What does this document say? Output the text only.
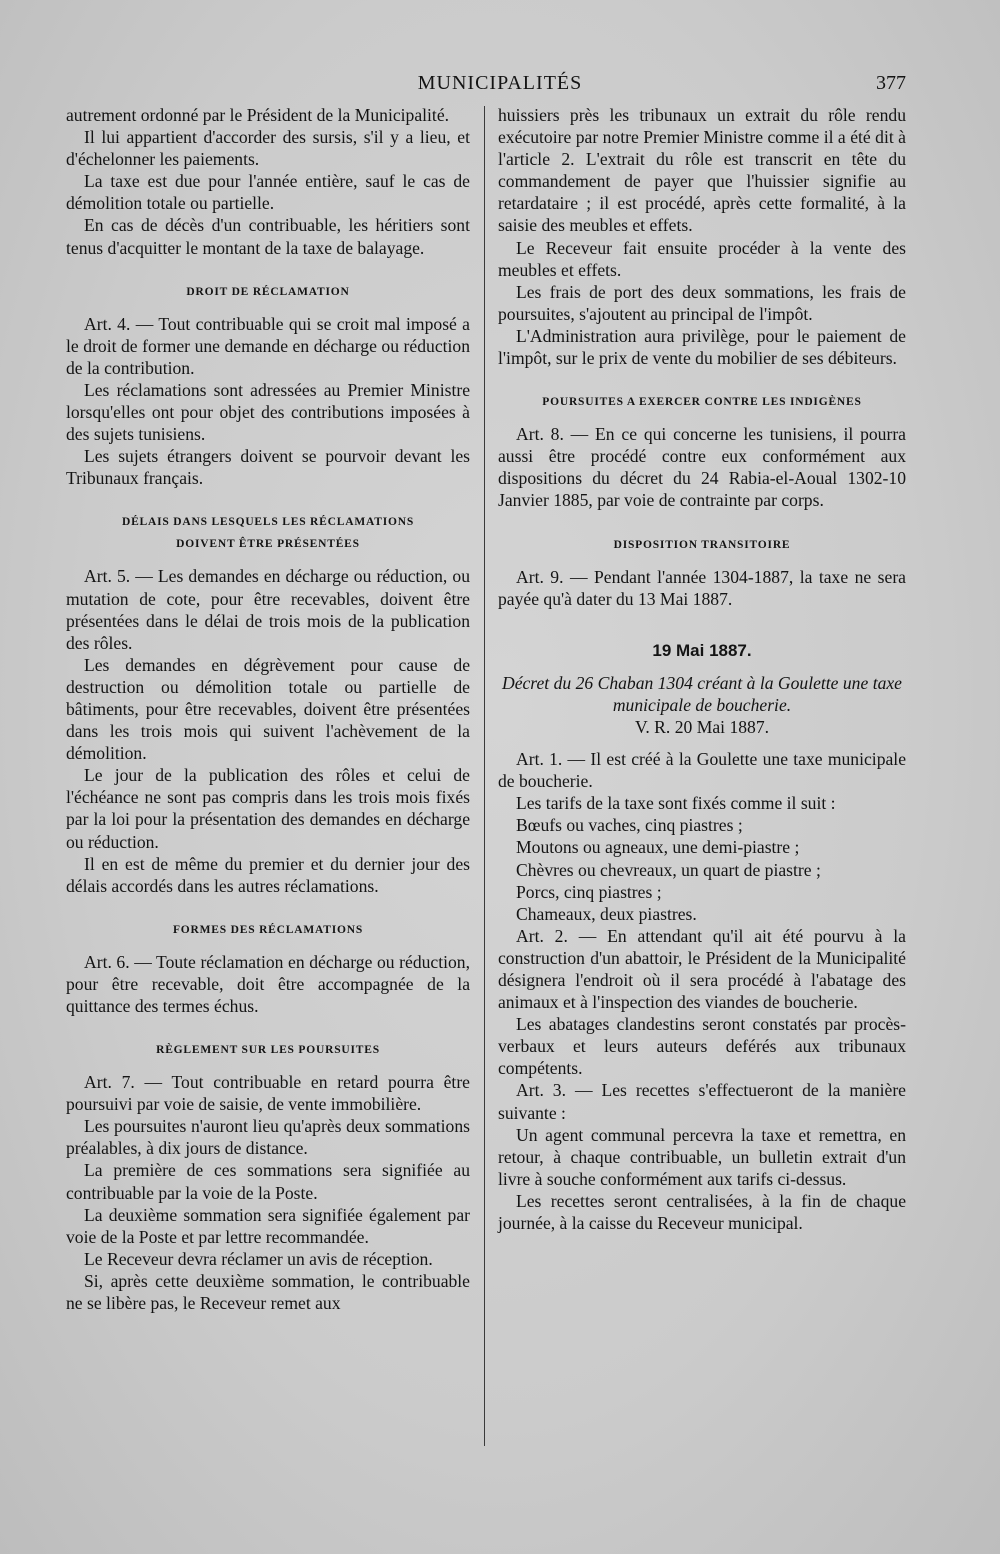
MUNICIPALITÉS	377

autrement ordonné par le Président de la Municipalité.

Il lui appartient d'accorder des sursis, s'il y a lieu, et d'échelonner les paiements.

La taxe est due pour l'année entière, sauf le cas de démolition totale ou partielle.

En cas de décès d'un contribuable, les héritiers sont tenus d'acquitter le montant de la taxe de balayage.

DROIT DE RÉCLAMATION

Art. 4. — Tout contribuable qui se croit mal imposé a le droit de former une demande en décharge ou réduction de la contribution.

Les réclamations sont adressées au Premier Ministre lorsqu'elles ont pour objet des contributions imposées à des sujets tunisiens.

Les sujets étrangers doivent se pourvoir devant les Tribunaux français.

DÉLAIS DANS LESQUELS LES RÉCLAMATIONS

DOIVENT ÊTRE PRÉSENTÉES

Art. 5. — Les demandes en décharge ou réduction, ou mutation de cote, pour être recevables, doivent être présentées dans le délai de trois mois de la publication des rôles.

Les demandes en dégrèvement pour cause de destruction ou démolition totale ou partielle de bâtiments, pour être recevables, doivent être présentées dans les trois mois qui suivent l'achèvement de la démolition.

Le jour de la publication des rôles et celui de l'échéance ne sont pas compris dans les trois mois fixés par la loi pour la présentation des demandes en décharge ou réduction.

Il en est de même du premier et du dernier jour des délais accordés dans les autres réclamations.

FORMES DES RÉCLAMATIONS

Art. 6. — Toute réclamation en décharge ou réduction, pour être recevable, doit être accompagnée de la quittance des termes échus.

RÈGLEMENT SUR LES POURSUITES

Art. 7. — Tout contribuable en retard pourra être poursuivi par voie de saisie, de vente immobilière.

Les poursuites n'auront lieu qu'après deux sommations préalables, à dix jours de distance.

La première de ces sommations sera signifiée au contribuable par la voie de la Poste.

La deuxième sommation sera signifiée également par voie de la Poste et par lettre recommandée.

Le Receveur devra réclamer un avis de réception.

Si, après cette deuxième sommation, le contribuable ne se libère pas, le Receveur remet aux

huissiers près les tribunaux un extrait du rôle rendu exécutoire par notre Premier Ministre comme il a été dit à l'article 2. L'extrait du rôle est transcrit en tête du commandement de payer que l'huissier signifie au retardataire ; il est procédé, après cette formalité, à la saisie des meubles et effets.

Le Receveur fait ensuite procéder à la vente des meubles et effets.

Les frais de port des deux sommations, les frais de poursuites, s'ajoutent au principal de l'impôt.

L'Administration aura privilège, pour le paiement de l'impôt, sur le prix de vente du mobilier de ses débiteurs.

POURSUITES A EXERCER CONTRE LES INDIGÈNES

Art. 8. — En ce qui concerne les tunisiens, il pourra aussi être procédé contre eux conformément aux dispositions du décret du 24 Rabia-el-Aoual 1302-10 Janvier 1885, par voie de contrainte par corps.

DISPOSITION TRANSITOIRE

Art. 9. — Pendant l'année 1304-1887, la taxe ne sera payée qu'à dater du 13 Mai 1887.

19 Mai 1887.

Décret du 26 Chaban 1304 créant à la Goulette une taxe municipale de boucherie.

V. R. 20 Mai 1887.

Art. 1. — Il est créé à la Goulette une taxe municipale de boucherie.

Les tarifs de la taxe sont fixés comme il suit :

Bœufs ou vaches, cinq piastres ;

Moutons ou agneaux, une demi-piastre ;

Chèvres ou chevreaux, un quart de piastre ;

Porcs, cinq piastres ;

Chameaux, deux piastres.

Art. 2. — En attendant qu'il ait été pourvu à la construction d'un abattoir, le Président de la Municipalité désignera l'endroit où il sera procédé à l'abatage des animaux et à l'inspection des viandes de boucherie.

Les abatages clandestins seront constatés par procès-verbaux et leurs auteurs deférés aux tribunaux compétents.

Art. 3. — Les recettes s'effectueront de la manière suivante :

Un agent communal percevra la taxe et remettra, en retour, à chaque contribuable, un bulletin extrait d'un livre à souche conformément aux tarifs ci-dessus.

Les recettes seront centralisées, à la fin de chaque journée, à la caisse du Receveur municipal.
